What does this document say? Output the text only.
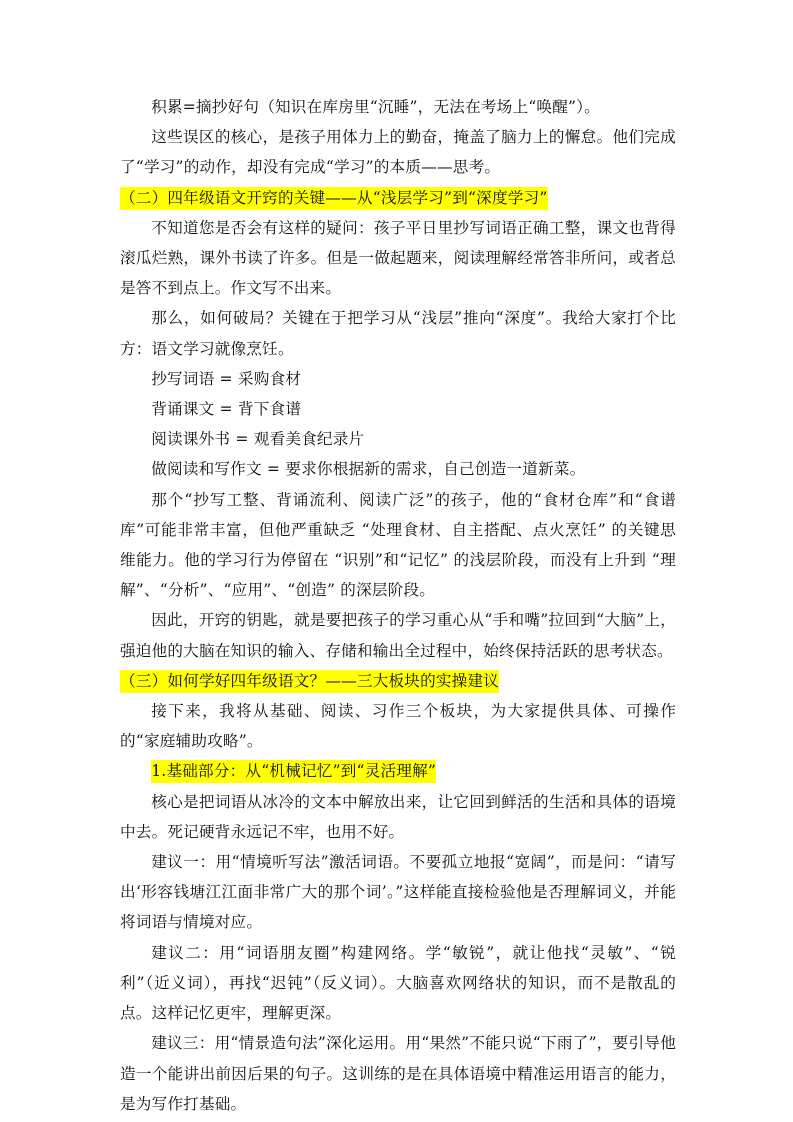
积累=摘抄好句（知识在库房里“沉睡”，无法在考场上“唤醒”）。

这些误区的核心，是孩子用体力上的勤奋，掩盖了脑力上的懈怠。他们完成了“学习”的动作，却没有完成“学习”的本质——思考。

（二）四年级语文开窍的关键——从“浅层学习”到“深度学习”

不知道您是否会有这样的疑问：孩子平日里抄写词语正确工整，课文也背得滚瓜烂熟，课外书读了许多。但是一做起题来，阅读理解经常答非所问，或者总是答不到点上。作文写不出来。

那么，如何破局？关键在于把学习从“浅层”推向“深度”。我给大家打个比方：语文学习就像烹饪。

抄写词语 = 采购食材

背诵课文 = 背下食谱

阅读课外书 = 观看美食纪录片

做阅读和写作文 = 要求你根据新的需求，自己创造一道新菜。

那个“抄写工整、背诵流利、阅读广泛”的孩子，他的“食材仓库”和“食谱库”可能非常丰富，但他严重缺乏 “处理食材、自主搭配、点火烹饪” 的关键思维能力。他的学习行为停留在 “识别”和“记忆” 的浅层阶段，而没有上升到 “理解”、“分析”、“应用”、“创造” 的深层阶段。

因此，开窍的钥匙，就是要把孩子的学习重心从“手和嘴”拉回到“大脑”上，强迫他的大脑在知识的输入、存储和输出全过程中，始终保持活跃的思考状态。

（三）如何学好四年级语文？——三大板块的实操建议

接下来，我将从基础、阅读、习作三个板块，为大家提供具体、可操作的“家庭辅助攻略”。

1.基础部分：从“机械记忆”到“灵活理解”

核心是把词语从冰冷的文本中解放出来，让它回到鲜活的生活和具体的语境中去。死记硬背永远记不牢，也用不好。

建议一：用“情境听写法”激活词语。不要孤立地报“宽阔”，而是问：“请写出‘形容钱塘江江面非常广大的那个词’。”这样能直接检验他是否理解词义，并能将词语与情境对应。

建议二：用“词语朋友圈”构建网络。学“敏锐”，就让他找“灵敏”、“锐利”（近义词），再找“迟钝”（反义词）。大脑喜欢网络状的知识，而不是散乱的点。这样记忆更牢，理解更深。

建议三：用“情景造句法”深化运用。用“果然”不能只说“下雨了”，要引导他造一个能讲出前因后果的句子。这训练的是在具体语境中精准运用语言的能力，是为写作打基础。
